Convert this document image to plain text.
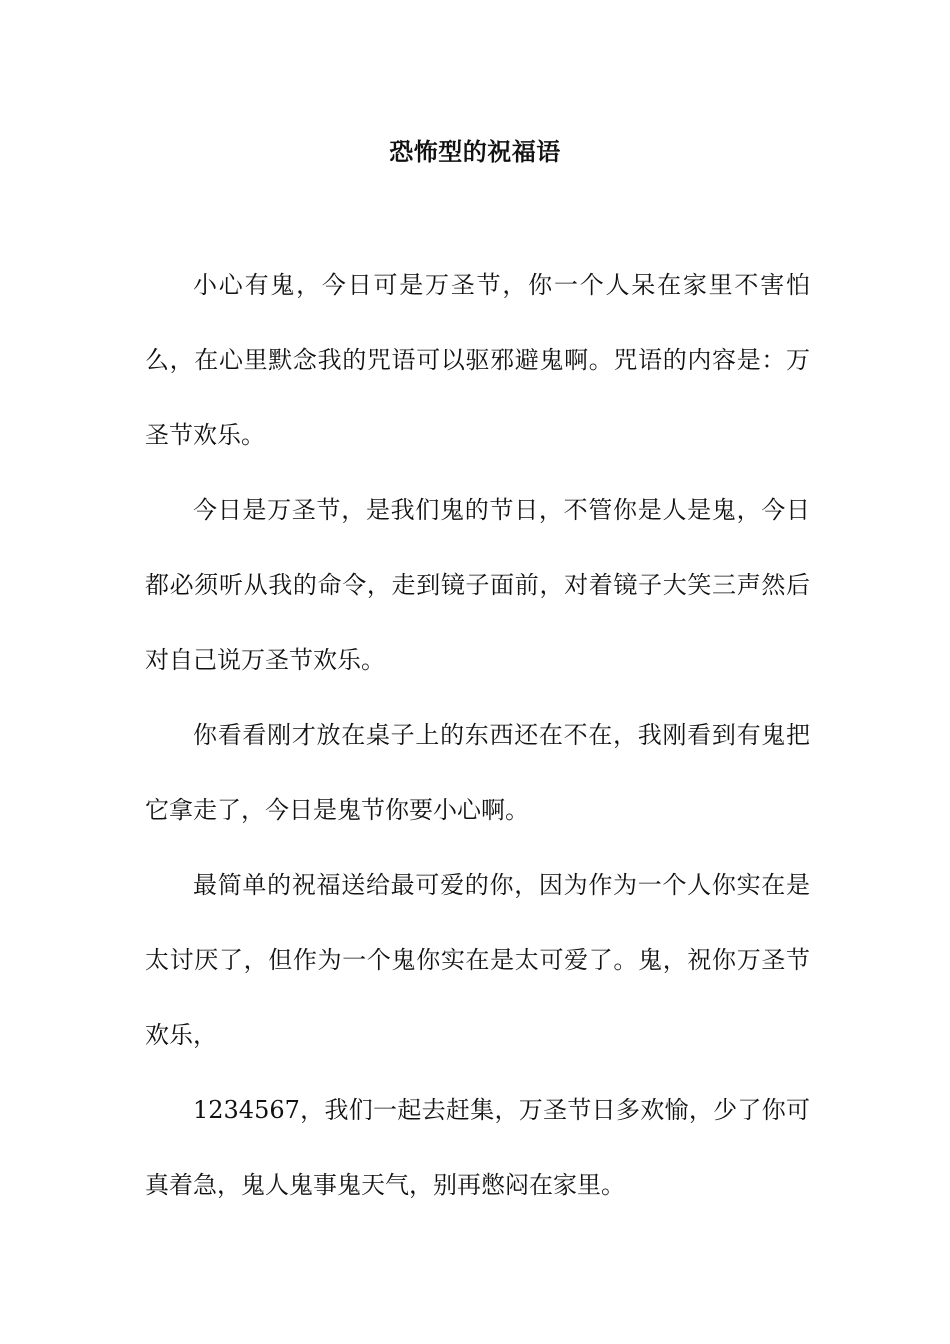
恐怖型的祝福语

小心有鬼，今日可是万圣节，你一个人呆在家里不害怕么，在心里默念我的咒语可以驱邪避鬼啊。咒语的内容是：万圣节欢乐。

今日是万圣节，是我们鬼的节日，不管你是人是鬼，今日都必须听从我的命令，走到镜子面前，对着镜子大笑三声然后对自己说万圣节欢乐。

你看看刚才放在桌子上的东西还在不在，我刚看到有鬼把它拿走了，今日是鬼节你要小心啊。

最简单的祝福送给最可爱的你，因为作为一个人你实在是太讨厌了，但作为一个鬼你实在是太可爱了。鬼，祝你万圣节欢乐，

1234567，我们一起去赶集，万圣节日多欢愉，少了你可真着急，鬼人鬼事鬼天气，别再憋闷在家里。
